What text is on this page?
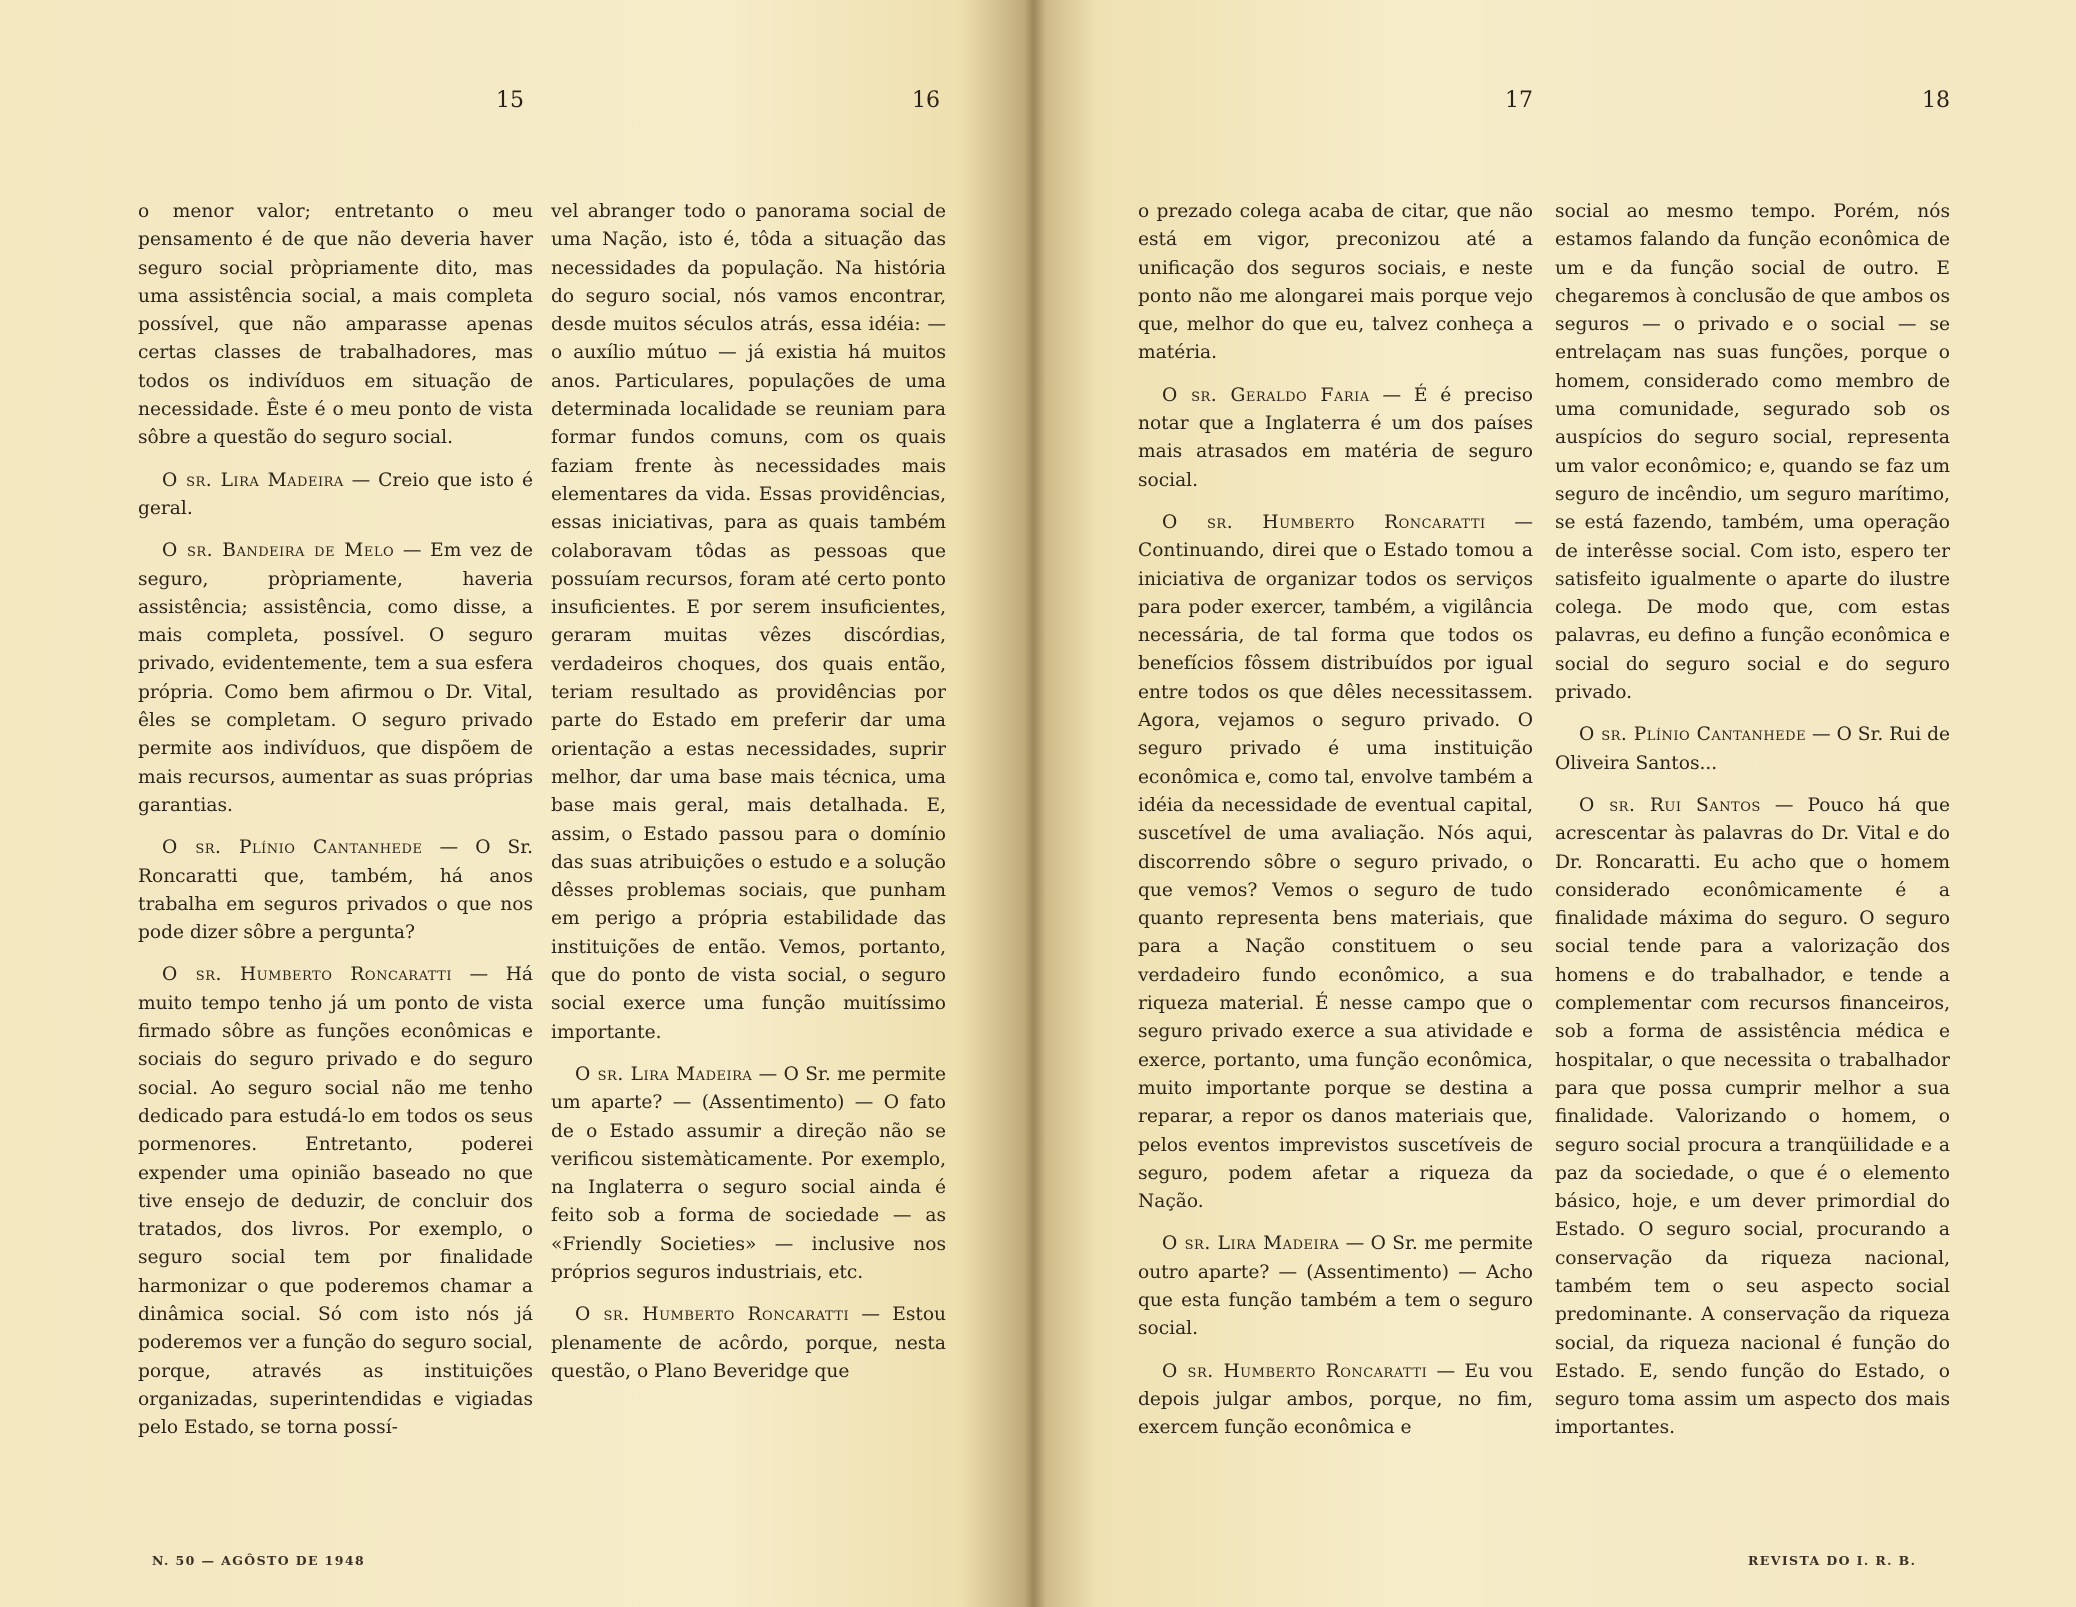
15	16	17	18

o menor valor; entretanto o meu pensamento é de que não deveria haver seguro social pròpriamente dito, mas uma assistência social, a mais completa possível, que não amparasse apenas certas classes de trabalhadores, mas todos os indivíduos em situação de necessidade. Êste é o meu ponto de vista sôbre a questão do seguro social.

O sr. Lira Madeira — Creio que isto é geral.

O sr. Bandeira de Melo — Em vez de seguro, pròpriamente, haveria assistência; assistência, como disse, a mais completa, possível. O seguro privado, evidentemente, tem a sua esfera própria. Como bem afirmou o Dr. Vital, êles se completam. O seguro privado permite aos indivíduos, que dispõem de mais recursos, aumentar as suas próprias garantias.

O sr. Plínio Cantanhede — O Sr. Roncaratti que, também, há anos trabalha em seguros privados o que nos pode dizer sôbre a pergunta?

O sr. Humberto Roncaratti — Há muito tempo tenho já um ponto de vista firmado sôbre as funções econômicas e sociais do seguro privado e do seguro social. Ao seguro social não me tenho dedicado para estudá-lo em todos os seus pormenores. Entretanto, poderei expender uma opinião baseado no que tive ensejo de deduzir, de concluir dos tratados, dos livros. Por exemplo, o seguro social tem por finalidade harmonizar o que poderemos chamar a dinâmica social. Só com isto nós já poderemos ver a função do seguro social, porque, através as instituições organizadas, superintendidas e vigiadas pelo Estado, se torna possí-

vel abranger todo o panorama social de uma Nação, isto é, tôda a situação das necessidades da população. Na história do seguro social, nós vamos encontrar, desde muitos séculos atrás, essa idéia: — o auxílio mútuo — já existia há muitos anos. Particulares, populações de uma determinada localidade se reuniam para formar fundos comuns, com os quais faziam frente às necessidades mais elementares da vida. Essas providências, essas iniciativas, para as quais também colaboravam tôdas as pessoas que possuíam recursos, foram até certo ponto insuficientes. E por serem insuficientes, geraram muitas vêzes discórdias, verdadeiros choques, dos quais então, teriam resultado as providências por parte do Estado em preferir dar uma orientação a estas necessidades, suprir melhor, dar uma base mais técnica, uma base mais geral, mais detalhada. E, assim, o Estado passou para o domínio das suas atribuições o estudo e a solução dêsses problemas sociais, que punham em perigo a própria estabilidade das instituições de então. Vemos, portanto, que do ponto de vista social, o seguro social exerce uma função muitíssimo importante.

O sr. Lira Madeira — O Sr. me permite um aparte? — (Assentimento) — O fato de o Estado assumir a direção não se verificou sistemàticamente. Por exemplo, na Inglaterra o seguro social ainda é feito sob a forma de sociedade — as «Friendly Societies» — inclusive nos próprios seguros industriais, etc.

O sr. Humberto Roncaratti — Estou plenamente de acôrdo, porque, nesta questão, o Plano Beveridge que

o prezado colega acaba de citar, que não está em vigor, preconizou até a unificação dos seguros sociais, e neste ponto não me alongarei mais porque vejo que, melhor do que eu, talvez conheça a matéria.

O sr. Geraldo Faria — É é preciso notar que a Inglaterra é um dos países mais atrasados em matéria de seguro social.

O sr. Humberto Roncaratti — Continuando, direi que o Estado tomou a iniciativa de organizar todos os serviços para poder exercer, também, a vigilância necessária, de tal forma que todos os benefícios fôssem distribuídos por igual entre todos os que dêles necessitassem. Agora, vejamos o seguro privado. O seguro privado é uma instituição econômica e, como tal, envolve também a idéia da necessidade de eventual capital, suscetível de uma avaliação. Nós aqui, discorrendo sôbre o seguro privado, o que vemos? Vemos o seguro de tudo quanto representa bens materiais, que para a Nação constituem o seu verdadeiro fundo econômico, a sua riqueza material. É nesse campo que o seguro privado exerce a sua atividade e exerce, portanto, uma função econômica, muito importante porque se destina a reparar, a repor os danos materiais que, pelos eventos imprevistos suscetíveis de seguro, podem afetar a riqueza da Nação.

O sr. Lira Madeira — O Sr. me permite outro aparte? — (Assentimento) — Acho que esta função também a tem o seguro social.

O sr. Humberto Roncaratti — Eu vou depois julgar ambos, porque, no fim, exercem função econômica e

social ao mesmo tempo. Porém, nós estamos falando da função econômica de um e da função social de outro. E chegaremos à conclusão de que ambos os seguros — o privado e o social — se entrelaçam nas suas funções, porque o homem, considerado como membro de uma comunidade, segurado sob os auspícios do seguro social, representa um valor econômico; e, quando se faz um seguro de incêndio, um seguro marítimo, se está fazendo, também, uma operação de interêsse social. Com isto, espero ter satisfeito igualmente o aparte do ilustre colega. De modo que, com estas palavras, eu defino a função econômica e social do seguro social e do seguro privado.

O sr. Plínio Cantanhede — O Sr. Rui de Oliveira Santos...

O sr. Rui Santos — Pouco há que acrescentar às palavras do Dr. Vital e do Dr. Roncaratti. Eu acho que o homem considerado econômicamente é a finalidade máxima do seguro. O seguro social tende para a valorização dos homens e do trabalhador, e tende a complementar com recursos financeiros, sob a forma de assistência médica e hospitalar, o que necessita o trabalhador para que possa cumprir melhor a sua finalidade. Valorizando o homem, o seguro social procura a tranqüilidade e a paz da sociedade, o que é o elemento básico, hoje, e um dever primordial do Estado. O seguro social, procurando a conservação da riqueza nacional, também tem o seu aspecto social predominante. A conservação da riqueza social, da riqueza nacional é função do Estado. E, sendo função do Estado, o seguro toma assim um aspecto dos mais importantes.

N. 50 — AGÔSTO DE 1948	REVISTA DO I. R. B.
